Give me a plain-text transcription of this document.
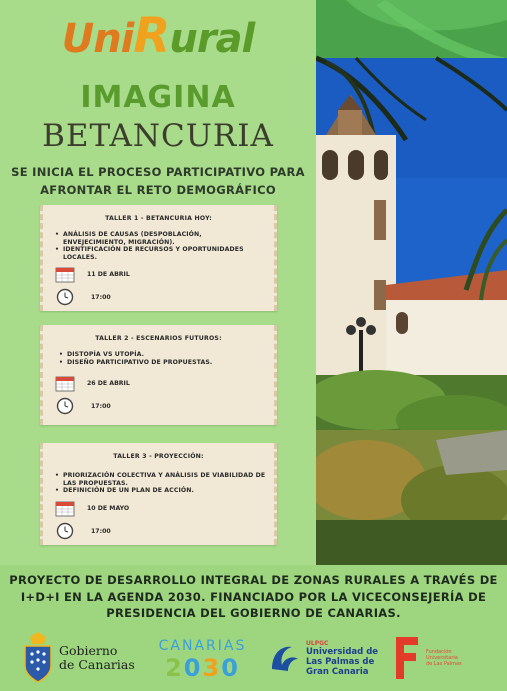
UniRural
IMAGINA
BETANCURIA
SE INICIA EL PROCESO PARTICIPATIVO PARA
AFRONTAR EL RETO DEMOGRÁFICO
TALLER 1 - BETANCURIA HOY:
• ANÁLISIS DE CAUSAS (DESPOBLACIÓN, ENVEJECIMIENTO, MIGRACIÓN).
• IDENTIFICACIÓN DE RECURSOS Y OPORTUNIDADES LOCALES.
11 DE ABRIL
17:00
TALLER 2 - ESCENARIOS FUTUROS:
• DISTOPÍA VS UTOPÍA.
• DISEÑO PARTICIPATIVO DE PROPUESTAS.
26 DE ABRIL
17:00
TALLER 3 - PROYECCIÓN:
• PRIORIZACIÓN COLECTIVA Y ANÁLISIS DE VIABILIDAD DE LAS PROPUESTAS.
• DEFINICIÓN DE UN PLAN DE ACCIÓN.
10 DE MAYO
17:00
PROYECTO DE DESARROLLO INTEGRAL DE ZONAS RURALES A TRAVÉS DE
I+D+I EN LA AGENDA 2030. FINANCIADO POR LA VICECONSEJERÍA DE
PRESIDENCIA DEL GOBIERNO DE CANARIAS.
Gobierno
de Canarias
CANARIAS
2030
ULPGC
Universidad de
Las Palmas de
Gran Canaria
Fundación
Universitaria
de Las Palmas
